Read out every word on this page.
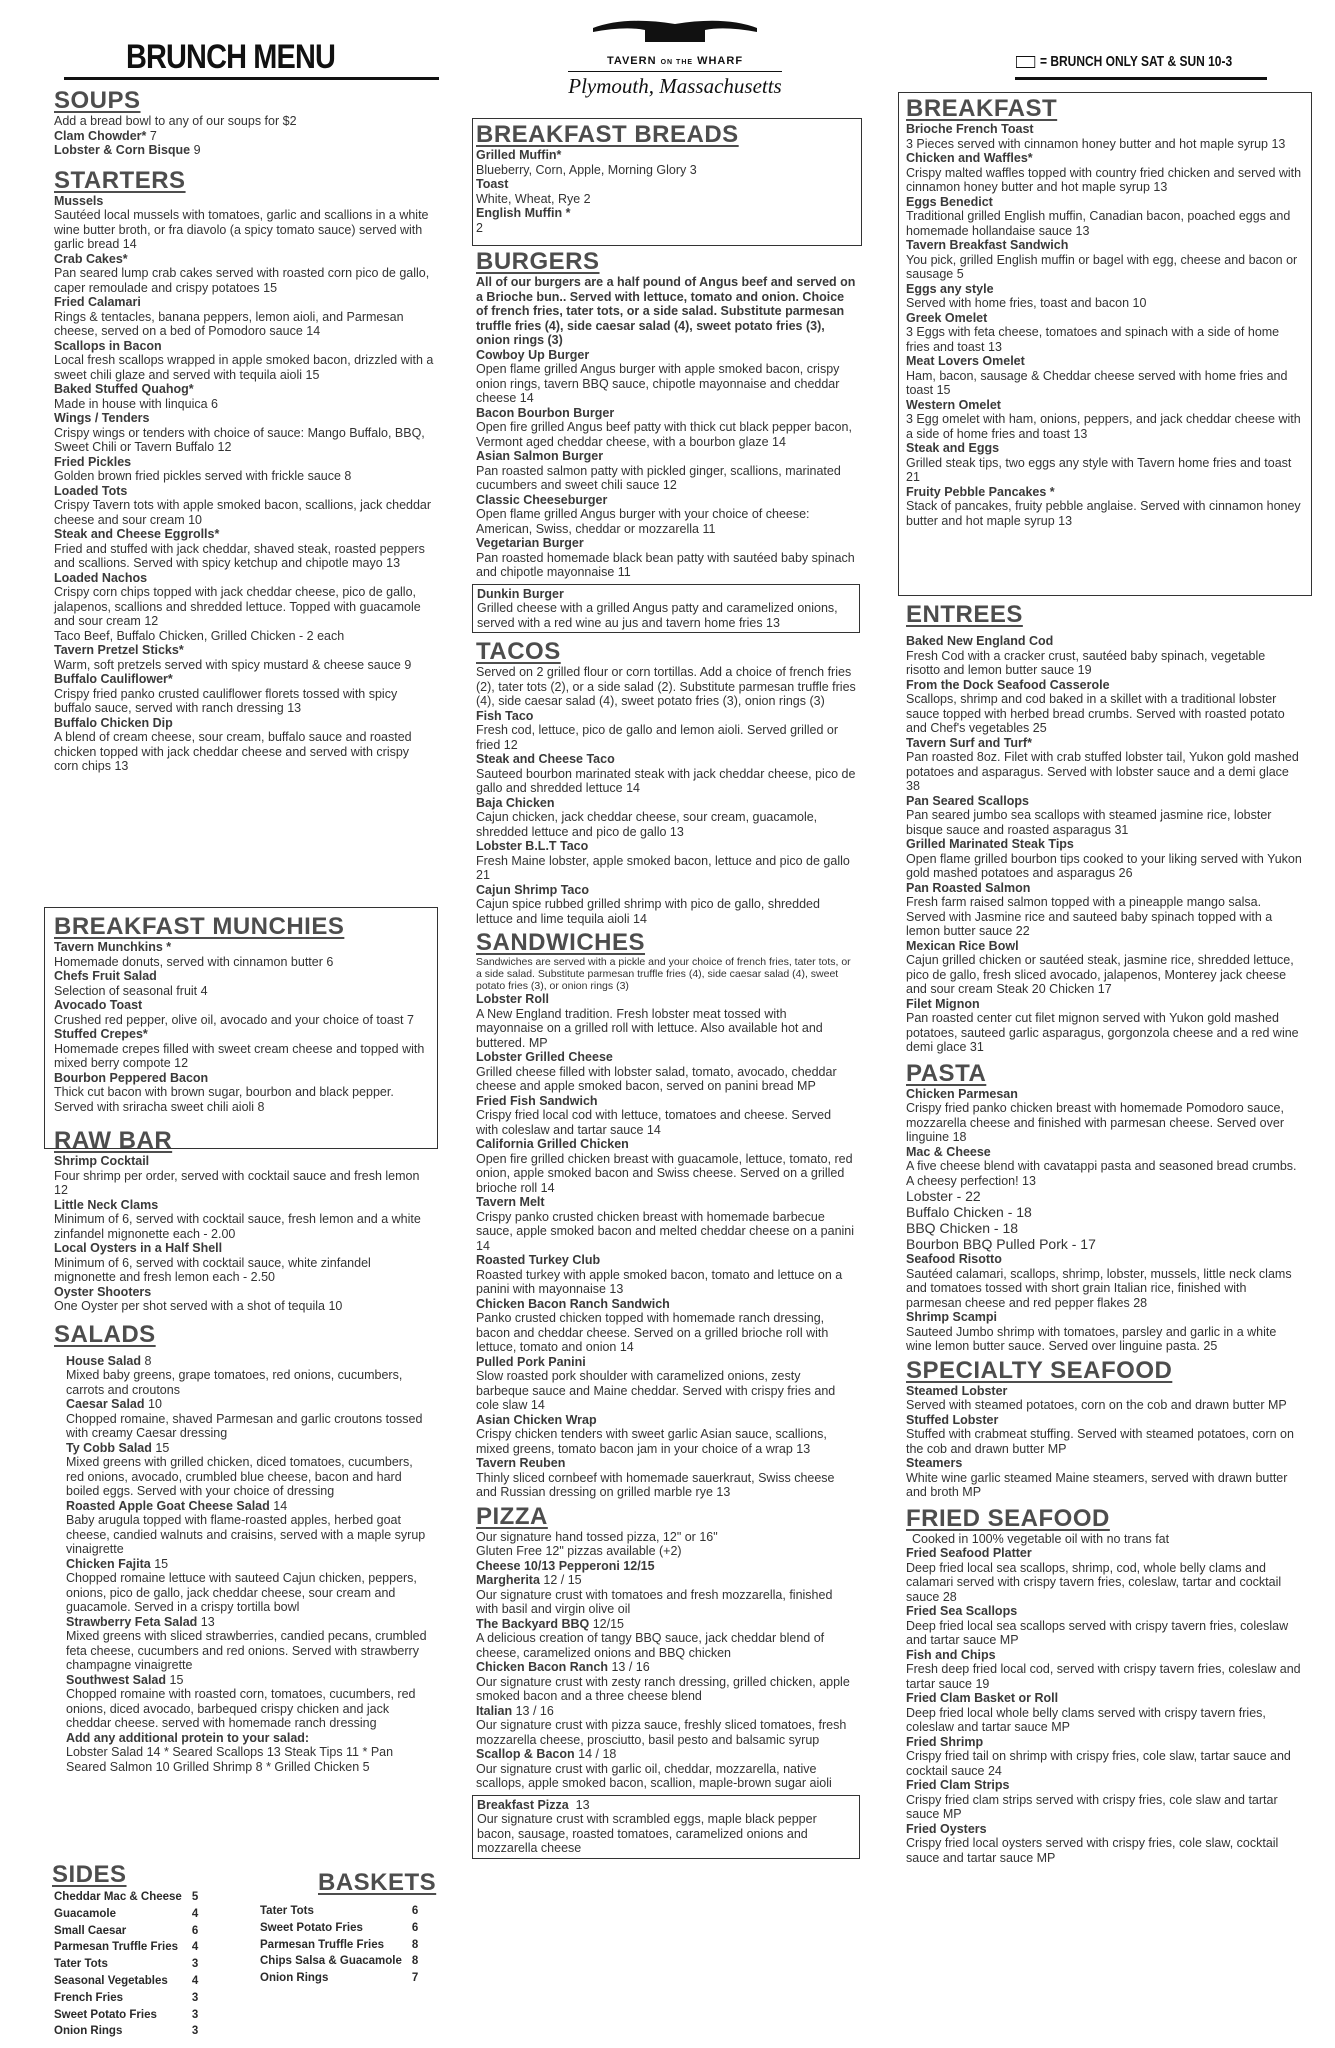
BRUNCH MENU	TAVERN ON THE WHARF
Plymouth, Massachusetts
= BRUNCH ONLY SAT & SUN 10-3
SOUPS
Add a bread bowl to any of our soups for $2
Clam Chowder* 7
Lobster & Corn Bisque 9
STARTERS
Mussels
Sautéed local mussels with tomatoes, garlic and scallions in a white wine butter broth, or fra diavolo (a spicy tomato sauce) served with garlic bread 14
Crab Cakes*
Pan seared lump crab cakes served with roasted corn pico de gallo, caper remoulade and crispy potatoes 15
Fried Calamari
Rings & tentacles, banana peppers, lemon aioli, and Parmesan cheese, served on a bed of Pomodoro sauce 14
Scallops in Bacon
Local fresh scallops wrapped in apple smoked bacon, drizzled with a sweet chili glaze and served with tequila aioli 15
Baked Stuffed Quahog*
Made in house with linquica 6
Wings / Tenders
Crispy wings or tenders with choice of sauce: Mango Buffalo, BBQ, Sweet Chili or Tavern Buffalo 12
Fried Pickles
Golden brown fried pickles served with frickle sauce 8
Loaded Tots
Crispy Tavern tots with apple smoked bacon, scallions, jack cheddar cheese and sour cream 10
Steak and Cheese Eggrolls*
Fried and stuffed with jack cheddar, shaved steak, roasted peppers and scallions. Served with spicy ketchup and chipotle mayo 13
Loaded Nachos
Crispy corn chips topped with jack cheddar cheese, pico de gallo, jalapenos, scallions and shredded lettuce. Topped with guacamole and sour cream 12
Taco Beef, Buffalo Chicken, Grilled Chicken - 2 each
Tavern Pretzel Sticks*
Warm, soft pretzels served with spicy mustard & cheese sauce 9
Buffalo Cauliflower*
Crispy fried panko crusted cauliflower florets tossed with spicy buffalo sauce, served with ranch dressing 13
Buffalo Chicken Dip
A blend of cream cheese, sour cream, buffalo sauce and roasted chicken topped with jack cheddar cheese and served with crispy corn chips 13
BREAKFAST MUNCHIES
Tavern Munchkins *
Homemade donuts, served with cinnamon butter 6
Chefs Fruit Salad
Selection of seasonal fruit 4
Avocado Toast
Crushed red pepper, olive oil, avocado and your choice of toast 7
Stuffed Crepes*
Homemade crepes filled with sweet cream cheese and topped with mixed berry compote 12
Bourbon Peppered Bacon
Thick cut bacon with brown sugar, bourbon and black pepper. Served with sriracha sweet chili aioli 8
RAW BAR
Shrimp Cocktail
Four shrimp per order, served with cocktail sauce and fresh lemon 12
Little Neck Clams
Minimum of 6, served with cocktail sauce, fresh lemon and a white zinfandel mignonette each - 2.00
Local Oysters in a Half Shell
Minimum of 6, served with cocktail sauce, white zinfandel mignonette and fresh lemon each - 2.50
Oyster Shooters
One Oyster per shot served with a shot of tequila 10
SALADS
House Salad 8
Mixed baby greens, grape tomatoes, red onions, cucumbers, carrots and croutons
Caesar Salad 10
Chopped romaine, shaved Parmesan and garlic croutons tossed with creamy Caesar dressing
Ty Cobb Salad 15
Mixed greens with grilled chicken, diced tomatoes, cucumbers, red onions, avocado, crumbled blue cheese, bacon and hard boiled eggs. Served with your choice of dressing
Roasted Apple Goat Cheese Salad 14
Baby arugula topped with flame-roasted apples, herbed goat cheese, candied walnuts and craisins, served with a maple syrup vinaigrette
Chicken Fajita 15
Chopped romaine lettuce with sauteed Cajun chicken, peppers, onions, pico de gallo, jack cheddar cheese, sour cream and guacamole. Served in a crispy tortilla bowl
Strawberry Feta Salad 13
Mixed greens with sliced strawberries, candied pecans, crumbled feta cheese, cucumbers and red onions. Served with strawberry champagne vinaigrette
Southwest Salad 15
Chopped romaine with roasted corn, tomatoes, cucumbers, red onions, diced avocado, barbequed crispy chicken and jack cheddar cheese. served with homemade ranch dressing
Add any additional protein to your salad:
Lobster Salad 14 * Seared Scallops 13 Steak Tips 11 * Pan Seared Salmon 10 Grilled Shrimp 8 * Grilled Chicken 5
SIDES
Cheddar Mac & Cheese	5
Guacamole	4
Small Caesar	6
Parmesan Truffle Fries	4
Tater Tots	3
Seasonal Vegetables	4
French Fries	3
Sweet Potato Fries	3
Onion Rings	3
BASKETS
Tater Tots	6
Sweet Potato Fries	6
Parmesan Truffle Fries	8
Chips Salsa & Guacamole	8
Onion Rings	7
BREAKFAST BREADS
Grilled Muffin*
Blueberry, Corn, Apple, Morning Glory 3
Toast
White, Wheat, Rye 2
English Muffin *
2
BURGERS
All of our burgers are a half pound of Angus beef and served on a Brioche bun.. Served with lettuce, tomato and onion. Choice of french fries, tater tots, or a side salad. Substitute parmesan truffle fries (4), side caesar salad (4), sweet potato fries (3), onion rings (3)
Cowboy Up Burger
Open flame grilled Angus burger with apple smoked bacon, crispy onion rings, tavern BBQ sauce, chipotle mayonnaise and cheddar cheese 14
Bacon Bourbon Burger
Open fire grilled Angus beef patty with thick cut black pepper bacon, Vermont aged cheddar cheese, with a bourbon glaze 14
Asian Salmon Burger
Pan roasted salmon patty with pickled ginger, scallions, marinated cucumbers and sweet chili sauce 12
Classic Cheeseburger
Open flame grilled Angus burger with your choice of cheese: American, Swiss, cheddar or mozzarella 11
Vegetarian Burger
Pan roasted homemade black bean patty with sautéed baby spinach and chipotle mayonnaise 11
Dunkin Burger
Grilled cheese with a grilled Angus patty and caramelized onions, served with a red wine au jus and tavern home fries 13
TACOS
Served on 2 grilled flour or corn tortillas. Add a choice of french fries (2), tater tots (2), or a side salad (2). Substitute parmesan truffle fries (4), side caesar salad (4), sweet potato fries (3), onion rings (3)
Fish Taco
Fresh cod, lettuce, pico de gallo and lemon aioli. Served grilled or fried 12
Steak and Cheese Taco
Sauteed bourbon marinated steak with jack cheddar cheese, pico de gallo and shredded lettuce 14
Baja Chicken
Cajun chicken, jack cheddar cheese, sour cream, guacamole, shredded lettuce and pico de gallo 13
Lobster B.L.T Taco
Fresh Maine lobster, apple smoked bacon, lettuce and pico de gallo 21
Cajun Shrimp Taco
Cajun spice rubbed grilled shrimp with pico de gallo, shredded lettuce and lime tequila aioli 14
SANDWICHES
Sandwiches are served with a pickle and your choice of french fries, tater tots, or a side salad. Substitute parmesan truffle fries (4), side caesar salad (4), sweet potato fries (3), or onion rings (3)
Lobster Roll
A New England tradition. Fresh lobster meat tossed with mayonnaise on a grilled roll with lettuce. Also available hot and buttered. MP
Lobster Grilled Cheese
Grilled cheese filled with lobster salad, tomato, avocado, cheddar cheese and apple smoked bacon, served on panini bread MP
Fried Fish Sandwich
Crispy fried local cod with lettuce, tomatoes and cheese. Served with coleslaw and tartar sauce 14
California Grilled Chicken
Open fire grilled chicken breast with guacamole, lettuce, tomato, red onion, apple smoked bacon and Swiss cheese. Served on a grilled brioche roll 14
Tavern Melt
Crispy panko crusted chicken breast with homemade barbecue sauce, apple smoked bacon and melted cheddar cheese on a panini 14
Roasted Turkey Club
Roasted turkey with apple smoked bacon, tomato and lettuce on a panini with mayonnaise 13
Chicken Bacon Ranch Sandwich
Panko crusted chicken topped with homemade ranch dressing, bacon and cheddar cheese. Served on a grilled brioche roll with lettuce, tomato and onion 14
Pulled Pork Panini
Slow roasted pork shoulder with caramelized onions, zesty barbeque sauce and Maine cheddar. Served with crispy fries and cole slaw 14
Asian Chicken Wrap
Crispy chicken tenders with sweet garlic Asian sauce, scallions, mixed greens, tomato bacon jam in your choice of a wrap 13
Tavern Reuben
Thinly sliced cornbeef with homemade sauerkraut, Swiss cheese and Russian dressing on grilled marble rye 13
PIZZA
Our signature hand tossed pizza, 12" or 16"
Gluten Free 12" pizzas available (+2)
Cheese 10/13 Pepperoni 12/15
Margherita 12 / 15
Our signature crust with tomatoes and fresh mozzarella, finished with basil and virgin olive oil
The Backyard BBQ 12/15
A delicious creation of tangy BBQ sauce, jack cheddar blend of cheese, caramelized onions and BBQ chicken
Chicken Bacon Ranch 13 / 16
Our signature crust with zesty ranch dressing, grilled chicken, apple smoked bacon and a three cheese blend
Italian 13 / 16
Our signature crust with pizza sauce, freshly sliced tomatoes, fresh mozzarella cheese, prosciutto, basil pesto and balsamic syrup
Scallop & Bacon 14 / 18
Our signature crust with garlic oil, cheddar, mozzarella, native scallops, apple smoked bacon, scallion, maple-brown sugar aioli
Breakfast Pizza 13
Our signature crust with scrambled eggs, maple black pepper bacon, sausage, roasted tomatoes, caramelized onions and mozzarella cheese
BREAKFAST
Brioche French Toast
3 Pieces served with cinnamon honey butter and hot maple syrup 13
Chicken and Waffles*
Crispy malted waffles topped with country fried chicken and served with cinnamon honey butter and hot maple syrup 13
Eggs Benedict
Traditional grilled English muffin, Canadian bacon, poached eggs and homemade hollandaise sauce 13
Tavern Breakfast Sandwich
You pick, grilled English muffin or bagel with egg, cheese and bacon or sausage 5
Eggs any style
Served with home fries, toast and bacon 10
Greek Omelet
3 Eggs with feta cheese, tomatoes and spinach with a side of home fries and toast 13
Meat Lovers Omelet
Ham, bacon, sausage & Cheddar cheese served with home fries and toast 15
Western Omelet
3 Egg omelet with ham, onions, peppers, and jack cheddar cheese with a side of home fries and toast 13
Steak and Eggs
Grilled steak tips, two eggs any style with Tavern home fries and toast 21
Fruity Pebble Pancakes *
Stack of pancakes, fruity pebble anglaise. Served with cinnamon honey butter and hot maple syrup 13
ENTREES
Baked New England Cod
Fresh Cod with a cracker crust, sautéed baby spinach, vegetable risotto and lemon butter sauce 19
From the Dock Seafood Casserole
Scallops, shrimp and cod baked in a skillet with a traditional lobster sauce topped with herbed bread crumbs. Served with roasted potato and Chef's vegetables 25
Tavern Surf and Turf*
Pan roasted 8oz. Filet with crab stuffed lobster tail, Yukon gold mashed potatoes and asparagus. Served with lobster sauce and a demi glace 38
Pan Seared Scallops
Pan seared jumbo sea scallops with steamed jasmine rice, lobster bisque sauce and roasted asparagus 31
Grilled Marinated Steak Tips
Open flame grilled bourbon tips cooked to your liking served with Yukon gold mashed potatoes and asparagus 26
Pan Roasted Salmon
Fresh farm raised salmon topped with a pineapple mango salsa. Served with Jasmine rice and sauteed baby spinach topped with a lemon butter sauce 22
Mexican Rice Bowl
Cajun grilled chicken or sautéed steak, jasmine rice, shredded lettuce, pico de gallo, fresh sliced avocado, jalapenos, Monterey jack cheese and sour cream Steak 20 Chicken 17
Filet Mignon
Pan roasted center cut filet mignon served with Yukon gold mashed potatoes, sauteed garlic asparagus, gorgonzola cheese and a red wine demi glace 31
PASTA
Chicken Parmesan
Crispy fried panko chicken breast with homemade Pomodoro sauce, mozzarella cheese and finished with parmesan cheese. Served over linguine 18
Mac & Cheese
A five cheese blend with cavatappi pasta and seasoned bread crumbs. A cheesy perfection! 13
Lobster - 22
Buffalo Chicken - 18
BBQ Chicken - 18
Bourbon BBQ Pulled Pork - 17
Seafood Risotto
Sautéed calamari, scallops, shrimp, lobster, mussels, little neck clams and tomatoes tossed with short grain Italian rice, finished with parmesan cheese and red pepper flakes 28
Shrimp Scampi
Sauteed Jumbo shrimp with tomatoes, parsley and garlic in a white wine lemon butter sauce. Served over linguine pasta. 25
SPECIALTY SEAFOOD
Steamed Lobster
Served with steamed potatoes, corn on the cob and drawn butter MP
Stuffed Lobster
Stuffed with crabmeat stuffing. Served with steamed potatoes, corn on the cob and drawn butter MP
Steamers
White wine garlic steamed Maine steamers, served with drawn butter and broth MP
FRIED SEAFOOD
Cooked in 100% vegetable oil with no trans fat
Fried Seafood Platter
Deep fried local sea scallops, shrimp, cod, whole belly clams and calamari served with crispy tavern fries, coleslaw, tartar and cocktail sauce 28
Fried Sea Scallops
Deep fried local sea scallops served with crispy tavern fries, coleslaw and tartar sauce MP
Fish and Chips
Fresh deep fried local cod, served with crispy tavern fries, coleslaw and tartar sauce 19
Fried Clam Basket or Roll
Deep fried local whole belly clams served with crispy tavern fries, coleslaw and tartar sauce MP
Fried Shrimp
Crispy fried tail on shrimp with crispy fries, cole slaw, tartar sauce and cocktail sauce 24
Fried Clam Strips
Crispy fried clam strips served with crispy fries, cole slaw and tartar sauce MP
Fried Oysters
Crispy fried local oysters served with crispy fries, cole slaw, cocktail sauce and tartar sauce MP
